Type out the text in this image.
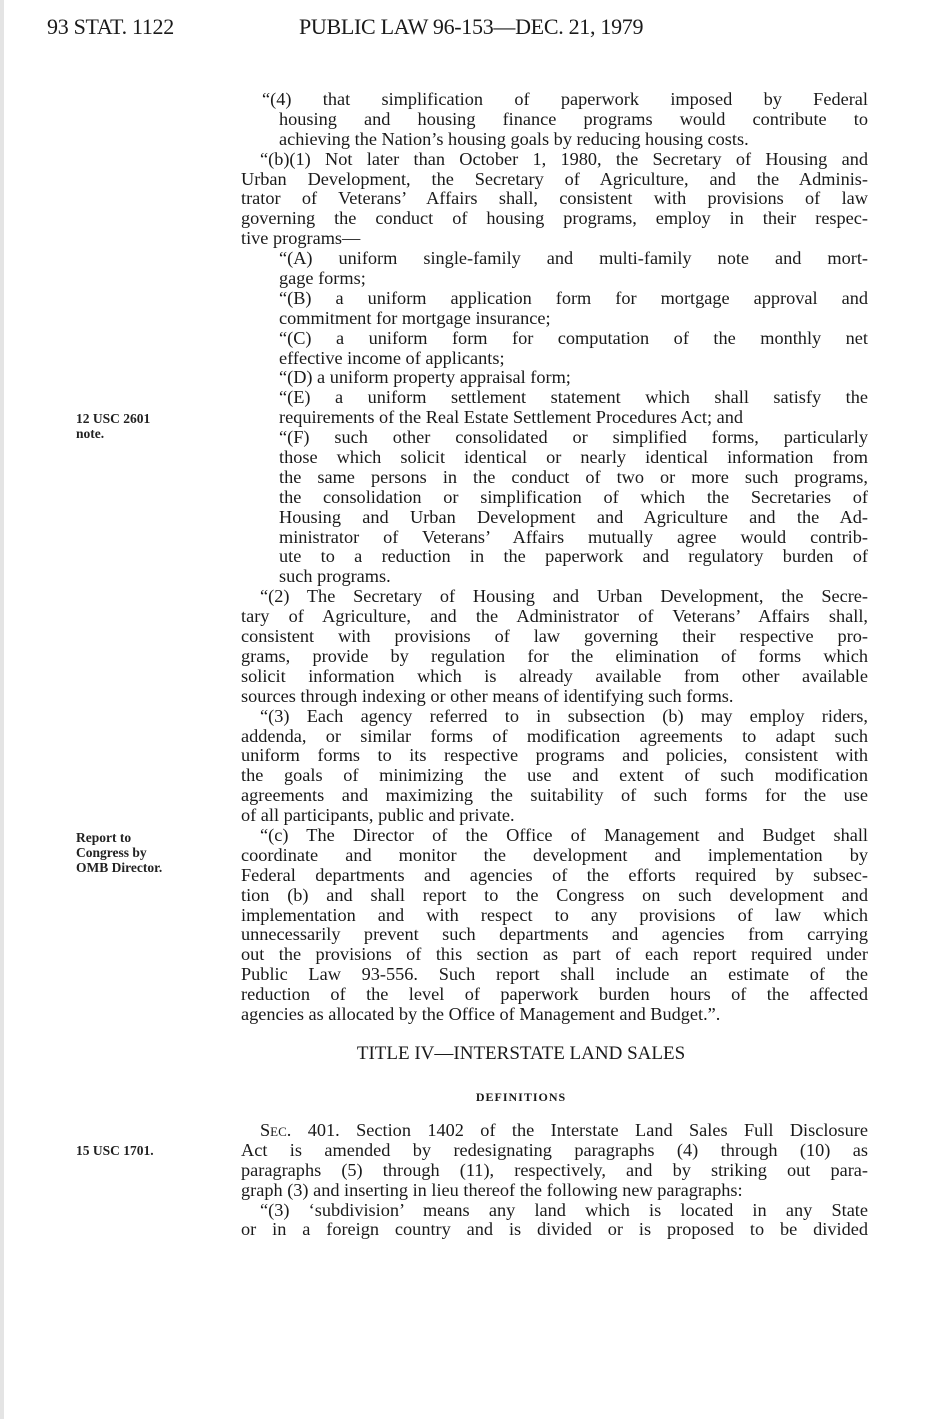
93 STAT. 1122	PUBLIC LAW 96-153—DEC. 21, 1979
12 USC 2601
note.
Report to
Congress by
OMB Director.
15 USC 1701.
“(4) that simplification of paperwork imposed by Federal
housing and housing finance programs would contribute to
achieving the Nation’s housing goals by reducing housing costs.
“(b)(1) Not later than October 1, 1980, the Secretary of Housing and
Urban Development, the Secretary of Agriculture, and the Adminis-
trator of Veterans’ Affairs shall, consistent with provisions of law
governing the conduct of housing programs, employ in their respec-
tive programs—
“(A) uniform single-family and multi-family note and mort-
gage forms;
“(B) a uniform application form for mortgage approval and
commitment for mortgage insurance;
“(C) a uniform form for computation of the monthly net
effective income of applicants;
“(D) a uniform property appraisal form;
“(E) a uniform settlement statement which shall satisfy the
requirements of the Real Estate Settlement Procedures Act; and
“(F) such other consolidated or simplified forms, particularly
those which solicit identical or nearly identical information from
the same persons in the conduct of two or more such programs,
the consolidation or simplification of which the Secretaries of
Housing and Urban Development and Agriculture and the Ad-
ministrator of Veterans’ Affairs mutually agree would contrib-
ute to a reduction in the paperwork and regulatory burden of
such programs.
“(2) The Secretary of Housing and Urban Development, the Secre-
tary of Agriculture, and the Administrator of Veterans’ Affairs shall,
consistent with provisions of law governing their respective pro-
grams, provide by regulation for the elimination of forms which
solicit information which is already available from other available
sources through indexing or other means of identifying such forms.
“(3) Each agency referred to in subsection (b) may employ riders,
addenda, or similar forms of modification agreements to adapt such
uniform forms to its respective programs and policies, consistent with
the goals of minimizing the use and extent of such modification
agreements and maximizing the suitability of such forms for the use
of all participants, public and private.
“(c) The Director of the Office of Management and Budget shall
coordinate and monitor the development and implementation by
Federal departments and agencies of the efforts required by subsec-
tion (b) and shall report to the Congress on such development and
implementation and with respect to any provisions of law which
unnecessarily prevent such departments and agencies from carrying
out the provisions of this section as part of each report required under
Public Law 93-556. Such report shall include an estimate of the
reduction of the level of paperwork burden hours of the affected
agencies as allocated by the Office of Management and Budget.”.
TITLE IV—INTERSTATE LAND SALES
DEFINITIONS
Sec. 401. Section 1402 of the Interstate Land Sales Full Disclosure
Act is amended by redesignating paragraphs (4) through (10) as
paragraphs (5) through (11), respectively, and by striking out para-
graph (3) and inserting in lieu thereof the following new paragraphs:
“(3) ‘subdivision’ means any land which is located in any State
or in a foreign country and is divided or is proposed to be divided
